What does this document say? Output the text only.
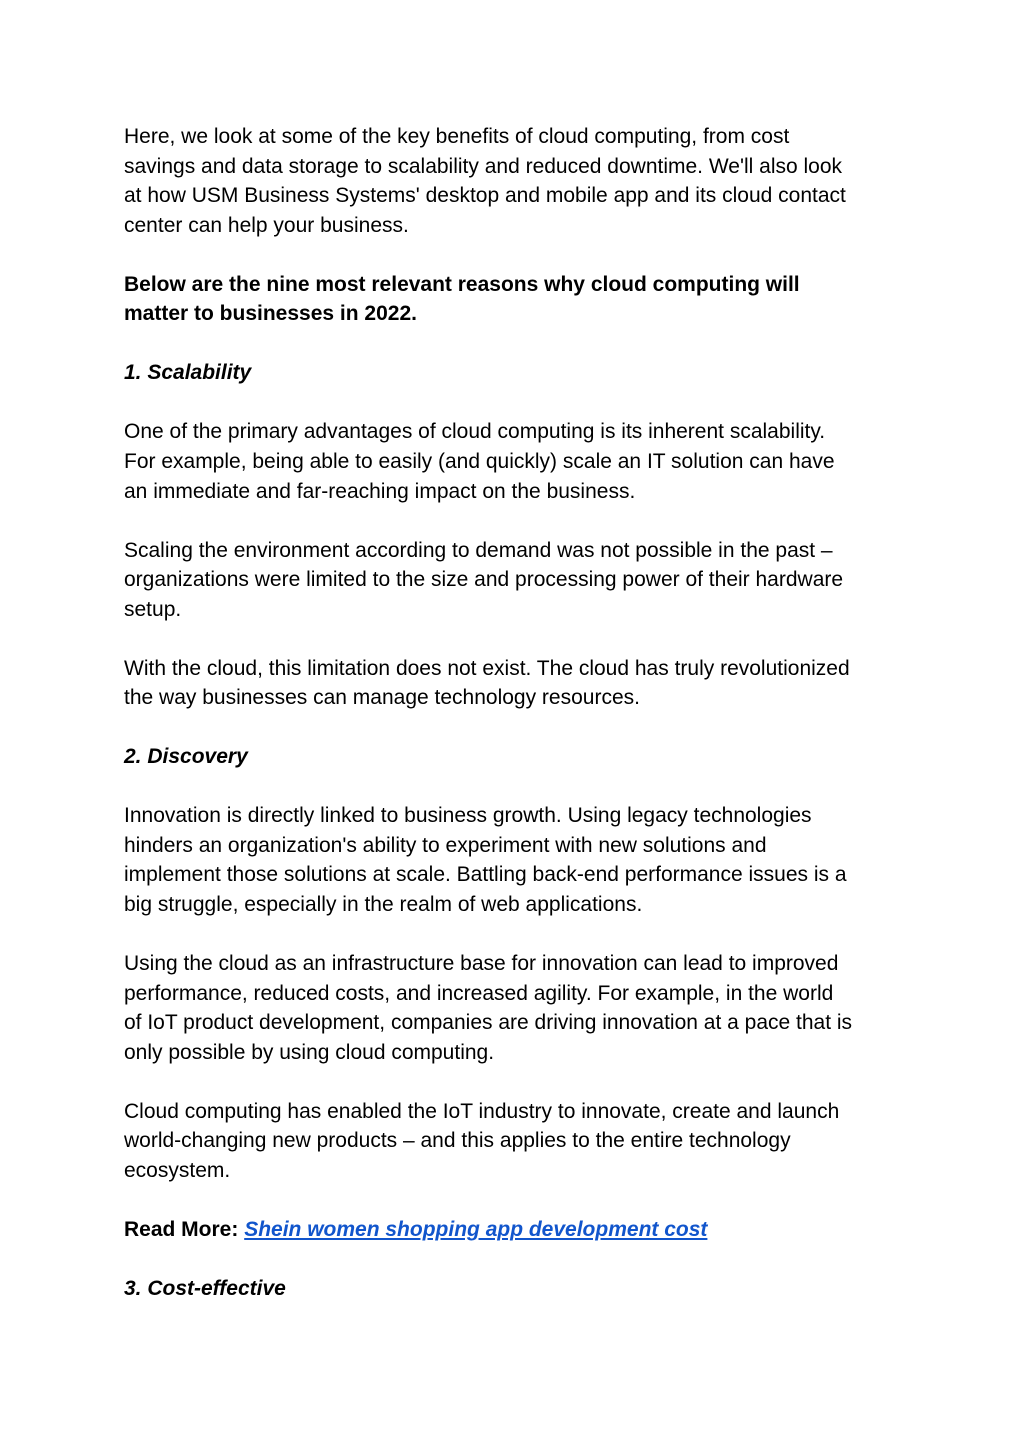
Here, we look at some of the key benefits of cloud computing, from cost
savings and data storage to scalability and reduced downtime. We'll also look
at how USM Business Systems' desktop and mobile app and its cloud contact
center can help your business.

Below are the nine most relevant reasons why cloud computing will
matter to businesses in 2022.

1. Scalability

One of the primary advantages of cloud computing is its inherent scalability.
For example, being able to easily (and quickly) scale an IT solution can have
an immediate and far-reaching impact on the business.

Scaling the environment according to demand was not possible in the past –
organizations were limited to the size and processing power of their hardware
setup.

With the cloud, this limitation does not exist. The cloud has truly revolutionized
the way businesses can manage technology resources.

2. Discovery

Innovation is directly linked to business growth. Using legacy technologies
hinders an organization's ability to experiment with new solutions and
implement those solutions at scale. Battling back-end performance issues is a
big struggle, especially in the realm of web applications.

Using the cloud as an infrastructure base for innovation can lead to improved
performance, reduced costs, and increased agility. For example, in the world
of IoT product development, companies are driving innovation at a pace that is
only possible by using cloud computing.

Cloud computing has enabled the IoT industry to innovate, create and launch
world-changing new products – and this applies to the entire technology
ecosystem.

Read More: Shein women shopping app development cost

3. Cost-effective
